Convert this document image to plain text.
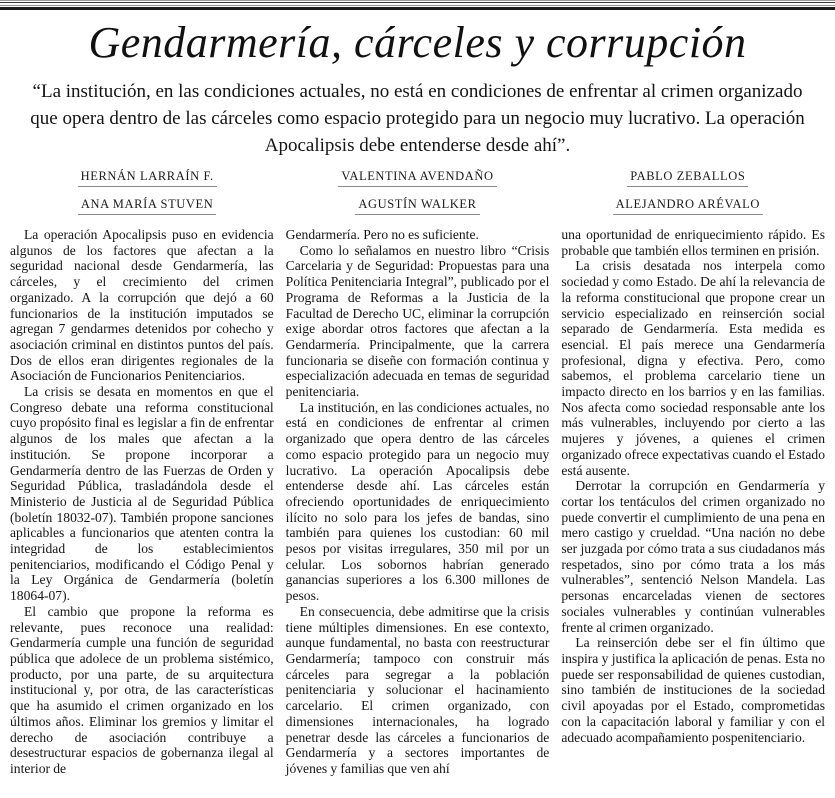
Gendarmería, cárceles y corrupción

“La institución, en las condiciones actuales, no está en condiciones de enfrentar al crimen organizado que opera dentro de las cárceles como espacio protegido para un negocio muy lucrativo. La operación Apocalipsis debe entenderse desde ahí”.

HERNÁN LARRAÍN F.
ANA MARÍA STUVEN
VALENTINA AVENDAÑO
AGUSTÍN WALKER
PABLO ZEBALLOS
ALEJANDRO ARÉVALO

La operación Apocalipsis puso en evidencia algunos de los factores que afectan a la seguridad nacional desde Gendarmería, las cárceles, y el crecimiento del crimen organizado. A la corrupción que dejó a 60 funcionarios de la institución imputados se agregan 7 gendarmes detenidos por cohecho y asociación criminal en distintos puntos del país. Dos de ellos eran dirigentes regionales de la Asociación de Funcionarios Penitenciarios.

La crisis se desata en momentos en que el Congreso debate una reforma constitucional cuyo propósito final es legislar a fin de enfrentar algunos de los males que afectan a la institución. Se propone incorporar a Gendarmería dentro de las Fuerzas de Orden y Seguridad Pública, trasladándola desde el Ministerio de Justicia al de Seguridad Pública (boletín 18032-07). También propone sanciones aplicables a funcionarios que atenten contra la integridad de los establecimientos penitenciarios, modificando el Código Penal y la Ley Orgánica de Gendarmería (boletín 18064-07).

El cambio que propone la reforma es relevante, pues reconoce una realidad: Gendarmería cumple una función de seguridad pública que adolece de un problema sistémico, producto, por una parte, de su arquitectura institucional y, por otra, de las características que ha asumido el crimen organizado en los últimos años. Eliminar los gremios y limitar el derecho de asociación contribuye a desestructurar espacios de gobernanza ilegal al interior de

Gendarmería. Pero no es suficiente.

Como lo señalamos en nuestro libro “Crisis Carcelaria y de Seguridad: Propuestas para una Política Penitenciaria Integral”, publicado por el Programa de Reformas a la Justicia de la Facultad de Derecho UC, eliminar la corrupción exige abordar otros factores que afectan a la Gendarmería. Principalmente, que la carrera funcionaria se diseñe con formación continua y especialización adecuada en temas de seguridad penitenciaria.

La institución, en las condiciones actuales, no está en condiciones de enfrentar al crimen organizado que opera dentro de las cárceles como espacio protegido para un negocio muy lucrativo. La operación Apocalipsis debe entenderse desde ahí. Las cárceles están ofreciendo oportunidades de enriquecimiento ilícito no solo para los jefes de bandas, sino también para quienes los custodian: 60 mil pesos por visitas irregulares, 350 mil por un celular. Los sobornos habrían generado ganancias superiores a los 6.300 millones de pesos.

En consecuencia, debe admitirse que la crisis tiene múltiples dimensiones. En ese contexto, aunque fundamental, no basta con reestructurar Gendarmería; tampoco con construir más cárceles para segregar a la población penitenciaria y solucionar el hacinamiento carcelario. El crimen organizado, con dimensiones internacionales, ha logrado penetrar desde las cárceles a funcionarios de Gendarmería y a sectores importantes de jóvenes y familias que ven ahí

una oportunidad de enriquecimiento rápido. Es probable que también ellos terminen en prisión.

La crisis desatada nos interpela como sociedad y como Estado. De ahí la relevancia de la reforma constitucional que propone crear un servicio especializado en reinserción social separado de Gendarmería. Esta medida es esencial. El país merece una Gendarmería profesional, digna y efectiva. Pero, como sabemos, el problema carcelario tiene un impacto directo en los barrios y en las familias. Nos afecta como sociedad responsable ante los más vulnerables, incluyendo por cierto a las mujeres y jóvenes, a quienes el crimen organizado ofrece expectativas cuando el Estado está ausente.

Derrotar la corrupción en Gendarmería y cortar los tentáculos del crimen organizado no puede convertir el cumplimiento de una pena en mero castigo y crueldad. “Una nación no debe ser juzgada por cómo trata a sus ciudadanos más respetados, sino por cómo trata a los más vulnerables”, sentenció Nelson Mandela. Las personas encarceladas vienen de sectores sociales vulnerables y continúan vulnerables frente al crimen organizado.

La reinserción debe ser el fin último que inspira y justifica la aplicación de penas. Esta no puede ser responsabilidad de quienes custodian, sino también de instituciones de la sociedad civil apoyadas por el Estado, comprometidas con la capacitación laboral y familiar y con el adecuado acompañamiento pospenitenciario.
